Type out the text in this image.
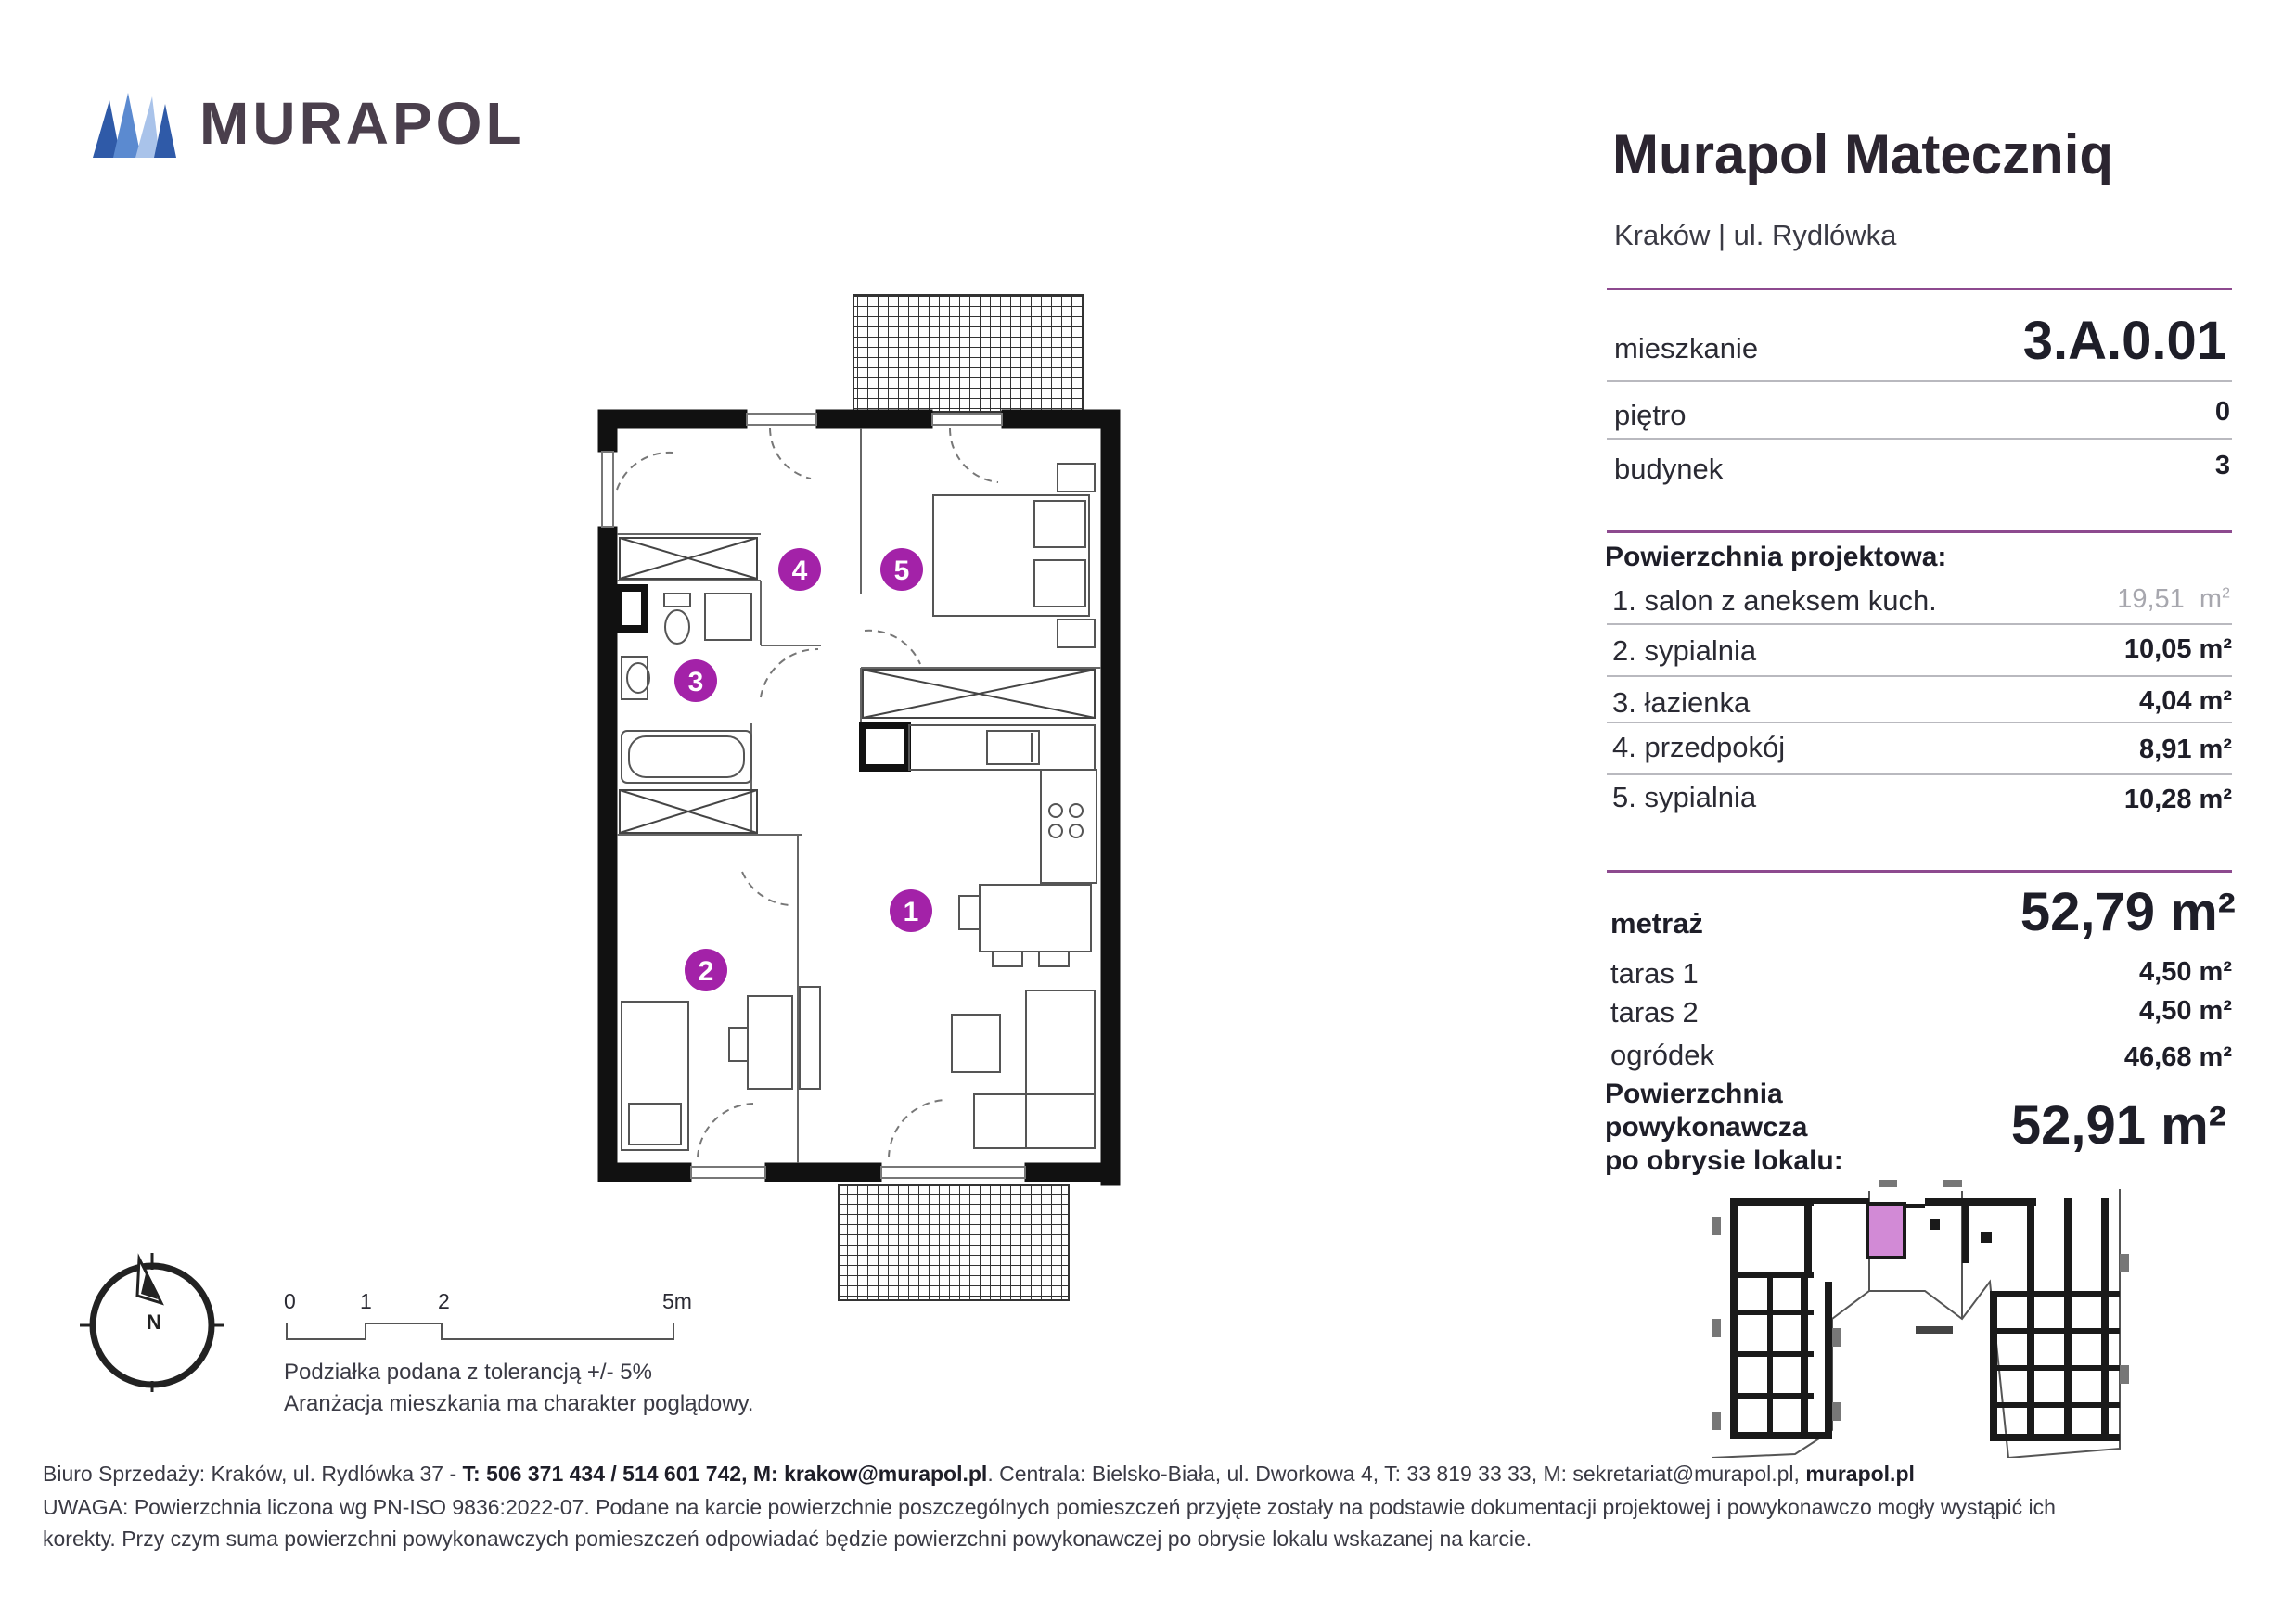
MURAPOL	Murapol Mateczniq
Kraków | ul. Rydlówka
mieszkanie	3.A.0.01
piętro	0
budynek	3
Powierzchnia projektowa:
1. salon z aneksem kuch.	19,51 $m^2$
2. sypialnia	10,05 m²
3. łazienka	4,04 m²
4. przedpokój	8,91 m²
5. sypialnia	10,28 m²
metraż	52,79 m²
taras 1	4,50 m²
taras 2	4,50 m²
ogródek	46,68 m²
Powierzchnia
powykonawcza
po obrysie lokalu:
52,91 m²
1
2
3
4	5
N
0	1	2	5m
Podziałka podana z tolerancją +/- 5%
Aranżacja mieszkania ma charakter poglądowy.
Biuro Sprzedaży: Kraków, ul. Rydlówka 37 - T: 506 371 434 / 514 601 742, M: krakow@murapol.pl. Centrala: Bielsko-Biała, ul. Dworkowa 4, T: 33 819 33 33, M: sekretariat@murapol.pl, murapol.pl
UWAGA: Powierzchnia liczona wg PN-ISO 9836:2022-07. Podane na karcie powierzchnie poszczególnych pomieszczeń przyjęte zostały na podstawie dokumentacji projektowej i powykonawczo mogły wystąpić ich
korekty. Przy czym suma powierzchni powykonawczych pomieszczeń odpowiadać będzie powierzchni powykonawczej po obrysie lokalu wskazanej na karcie.
